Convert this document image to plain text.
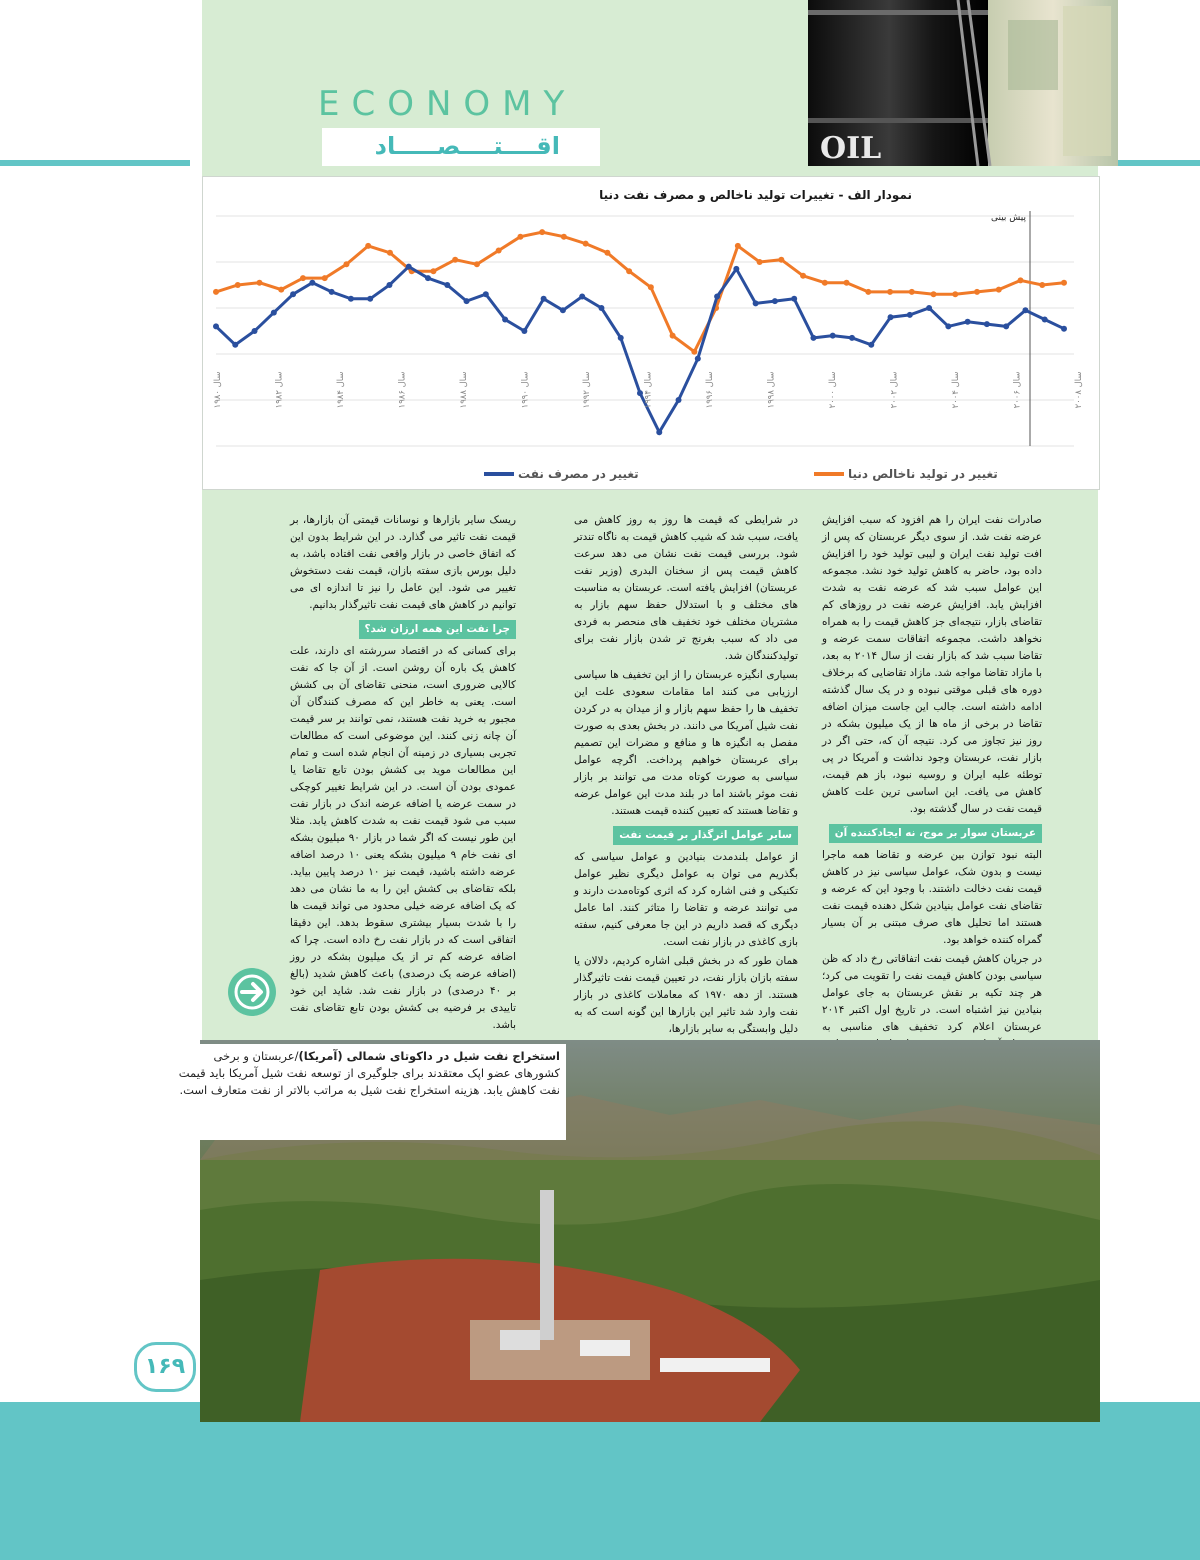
ECONOMY
اقــــتــــصـــــاد	OIL
نمودار الف - تغییرات تولید ناخالص و مصرف نفت دنیا
پیش بینی
سال ۱۹۸۰
سال ۱۹۸۲
سال ۱۹۸۴
سال ۱۹۸۶
سال ۱۹۸۸
سال ۱۹۹۰
سال ۱۹۹۲
سال ۱۹۹۴
سال ۱۹۹۶
سال ۱۹۹۸
سال ۲۰۰۰
سال ۲۰۰۲
سال ۲۰۰۴
سال ۲۰۰۶
سال ۲۰۰۸
تغییر در تولید ناخالص دنیا
تغییر در مصرف نفت

صادرات نفت ایران را هم افزود که سبب افزایش عرضه نفت شد. از سوی دیگر عربستان که پس از افت تولید نفت ایران و لیبی تولید خود را افزایش داده بود، حاضر به کاهش تولید خود نشد. مجموعه این عوامل سبب شد که عرضه نفت به شدت افزایش یابد. افزایش عرضه نفت در روزهای کم تقاضای بازار، نتیجه‌ای جز کاهش قیمت را به همراه نخواهد داشت. مجموعه اتفاقات سمت عرضه و تقاضا سبب شد که بازار نفت از سال ۲۰۱۴ به بعد، با مازاد تقاضا مواجه شد. مازاد تقاضایی که برخلاف دوره های قبلی موقتی نبوده و در یک سال گذشته ادامه داشته است. جالب این جاست میزان اضافه تقاضا در برخی از ماه ها از یک میلیون بشکه در روز نیز تجاوز می کرد. نتیجه آن که، حتی اگر در بازار نفت، عربستان وجود نداشت و آمریکا در پی توطئه علیه ایران و روسیه نبود، باز هم قیمت، کاهش می یافت. این اساسی ترین علت کاهش قیمت نفت در سال گذشته بود.

عربستان سوار بر موج، نه ایجادکننده آن

البته نبود توازن بین عرضه و تقاضا همه ماجرا نیست و بدون شک، عوامل سیاسی نیز در کاهش قیمت نفت دخالت داشتند. با وجود این که عرضه و تقاضای نفت عوامل بنیادین شکل دهنده قیمت نفت هستند اما تحلیل های صرف مبتنی بر آن بسیار گمراه کننده خواهد بود.

در جریان کاهش قیمت نفت اتفاقاتی رخ داد که ظن سیاسی بودن کاهش قیمت نفت را تقویت می کرد؛ هر چند تکیه بر نقش عربستان به جای عوامل بنیادین نیز اشتباه است. در تاریخ اول اکتبر ۲۰۱۴ عربستان اعلام کرد تخفیف های مناسبی به

در شرایطی که قیمت ها روز به روز کاهش می یافت، سبب شد که شیب کاهش قیمت به ناگاه تندتر شود. بررسی قیمت نفت نشان می دهد سرعت کاهش قیمت پس از سخنان البدری (وزیر نفت عربستان) افزایش یافته است. عربستان به مناسبت های مختلف و با استدلال حفظ سهم بازار به مشتریان مختلف خود تخفیف های منحصر به فردی می داد که سبب بغرنج تر شدن بازار نفت برای تولیدکنندگان شد.

بسیاری انگیزه عربستان را از این تخفیف ها سیاسی ارزیابی می کنند اما مقامات سعودی علت این تخفیف ها را حفظ سهم بازار و از میدان به در کردن نفت شیل آمریکا می دانند. در بخش بعدی به صورت مفصل به انگیزه ها و منافع و مضرات این تصمیم برای عربستان خواهیم پرداخت. اگرچه عوامل سیاسی به صورت کوتاه مدت می توانند بر بازار نفت موثر باشند اما در بلند مدت این عوامل عرضه و تقاضا هستند که تعیین کننده قیمت هستند.

سایر عوامل اثرگذار بر قیمت نفت

از عوامل بلندمدت بنیادین و عوامل سیاسی که بگذریم می توان به عوامل دیگری نظیر عوامل تکنیکی و فنی اشاره کرد که اثری کوتاه‌مدت دارند و می توانند عرضه و تقاضا را متاثر کنند. اما عامل دیگری که قصد داریم در این جا معرفی کنیم، سفته بازی کاغذی در بازار نفت است.

همان طور که در بخش قبلی اشاره کردیم، دلالان یا سفته بازان بازار نفت، در تعیین قیمت نفت تاثیرگذار هستند. از دهه ۱۹۷۰ که معاملات کاغذی در بازار نفت وارد شد تاثیر این بازارها این گونه است که به دلیل وابستگی به سایر بازارها،

ریسک سایر بازارها و نوسانات قیمتی آن بازارها، بر قیمت نفت تاثیر می گذارد. در این شرایط بدون این که اتفاق خاصی در بازار واقعی نفت افتاده باشد، به دلیل بورس بازی سفته بازان، قیمت نفت دستخوش تغییر می شود. این عامل را نیز تا اندازه ای می توانیم در کاهش های قیمت نفت تاثیرگذار بدانیم.

چرا نفت این همه ارزان شد؟

برای کسانی که در اقتصاد سررشته ای دارند، علت کاهش یک باره آن روشن است. از آن جا که نفت کالایی ضروری است، منحنی تقاضای آن بی کشش است. یعنی به خاطر این که مصرف کنندگان آن مجبور به خرید نفت هستند، نمی توانند بر سر قیمت آن چانه زنی کنند. این موضوعی است که مطالعات تجربی بسیاری در زمینه آن انجام شده است و تمام این مطالعات موید بی کشش بودن تابع تقاضا یا عمودی بودن آن است. در این شرایط تغییر کوچکی در سمت عرضه یا اضافه عرضه اندک در بازار نفت سبب می شود قیمت نفت به شدت کاهش یابد. مثلا این طور نیست که اگر شما در بازار ۹۰ میلیون بشکه ای نفت خام ۹ میلیون بشکه یعنی ۱۰ درصد اضافه عرضه داشته باشید، قیمت نیز ۱۰ درصد پایین بیاید. بلکه تقاضای بی کشش این را به ما نشان می دهد که یک اضافه عرضه خیلی محدود می تواند قیمت ها را با شدت بسیار بیشتری سقوط بدهد. این دقیقا اتفاقی است که در بازار نفت رخ داده است. چرا که اضافه عرضه کم تر از یک میلیون بشکه در روز (اضافه عرضه یک درصدی) باعث کاهش شدید (بالغ بر ۴۰ درصدی) در بازار نفت شد. شاید این خود تاییدی بر فرضیه بی کشش بودن تابع تقاضای نفت باشد.

استخراج نفت شیل در داکوتای شمالی (آمریکا)/عربستان و برخی کشورهای عضو اپک معتقدند برای جلوگیری از توسعه نفت شیل آمریکا باید قیمت نفت کاهش یابد. هزینه استخراج نفت شیل به مراتب بالاتر از نفت متعارف است.
۱۶۹
